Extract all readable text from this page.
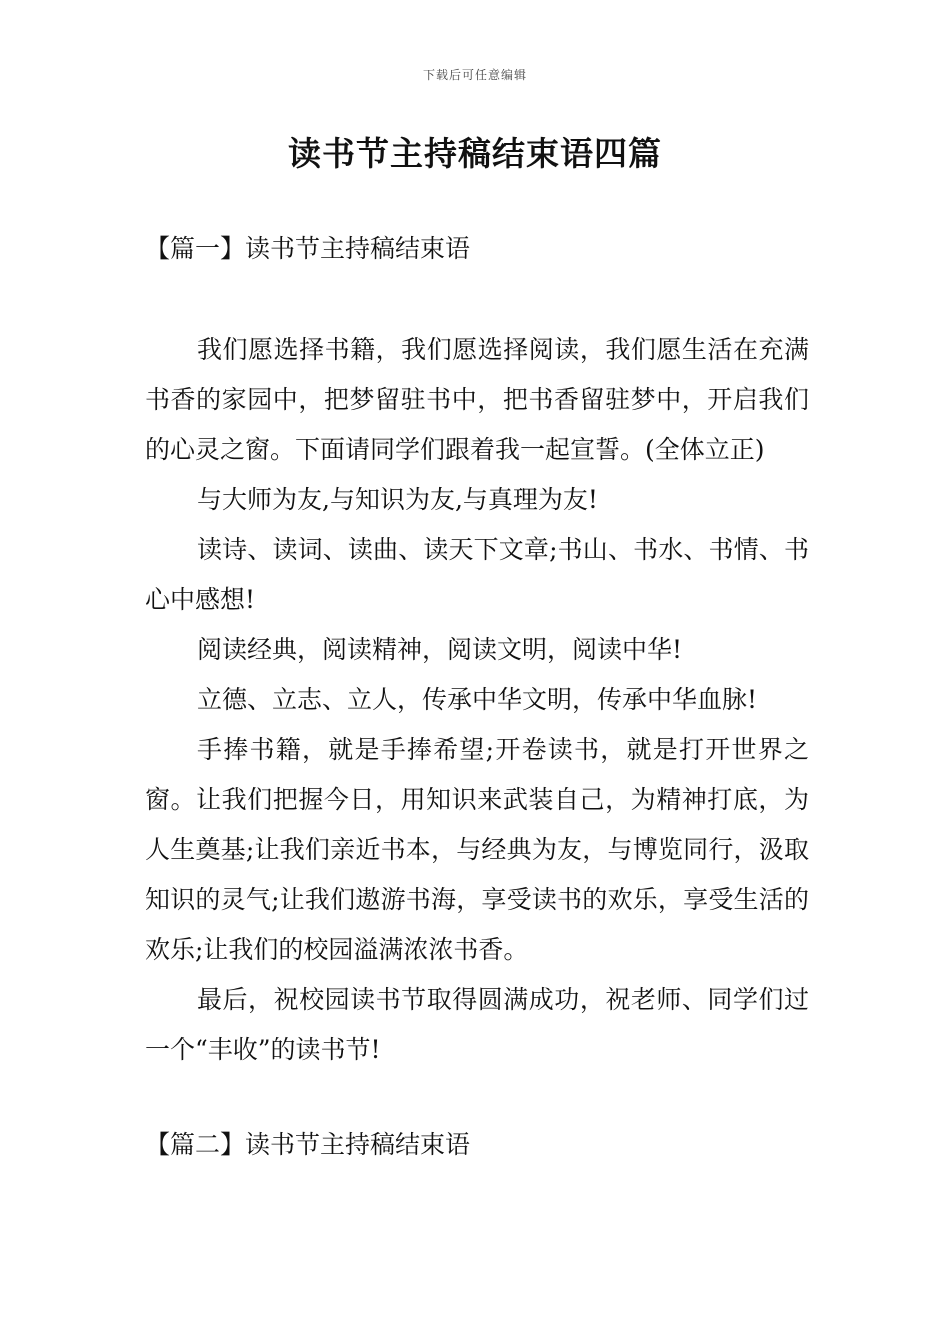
下载后可任意编辑
读书节主持稿结束语四篇
【篇一】读书节主持稿结束语

我们愿选择书籍，我们愿选择阅读，我们愿生活在充满书香的家园中，把梦留驻书中，把书香留驻梦中，开启我们的心灵之窗。下面请同学们跟着我一起宣誓。(全体立正)

与大师为友,与知识为友,与真理为友!

读诗、读词、读曲、读天下文章;书山、书水、书情、书心中感想!

阅读经典，阅读精神，阅读文明，阅读中华!

立德、立志、立人，传承中华文明，传承中华血脉!

手捧书籍，就是手捧希望;开卷读书，就是打开世界之窗。让我们把握今日，用知识来武装自己，为精神打底，为人生奠基;让我们亲近书本，与经典为友，与博览同行，汲取知识的灵气;让我们遨游书海，享受读书的欢乐，享受生活的欢乐;让我们的校园溢满浓浓书香。

最后，祝校园读书节取得圆满成功，祝老师、同学们过一个“丰收”的读书节!

【篇二】读书节主持稿结束语
